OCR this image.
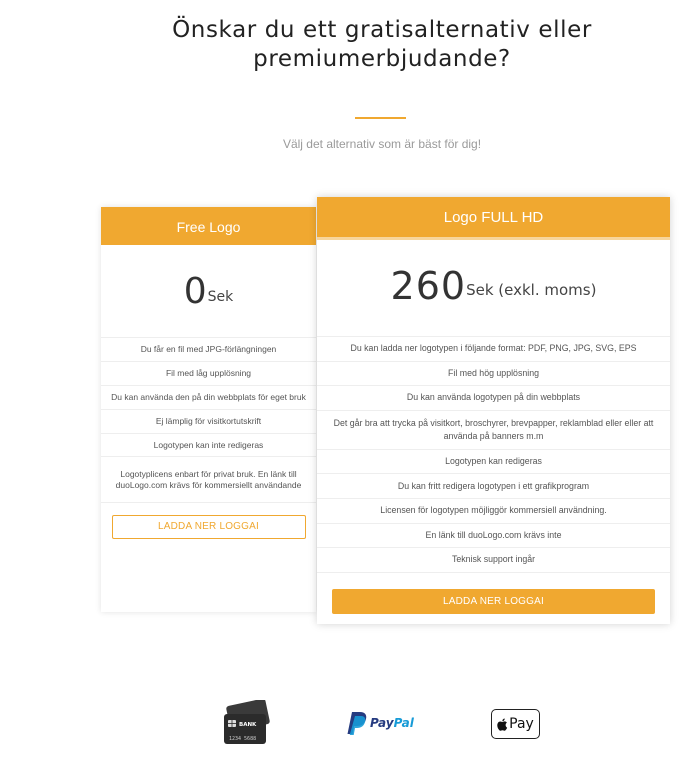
Önskar du ett gratisalternativ eller
premiumerbjudande?
Välj det alternativ som är bäst för dig!
Free Logo
0Sek
Du får en fil med JPG-förlängningen
Fil med låg upplösning
Du kan använda den på din webbplats för eget bruk
Ej lämplig för visitkortutskrift
Logotypen kan inte redigeras
Logotyplicens enbart för privat bruk. En länk till duoLogo.com krävs för kommersiellt användande
LADDA NER LOGGAI
Logo FULL HD
260Sek (exkl. moms)
Du kan ladda ner logotypen i följande format: PDF, PNG, JPG, SVG, EPS
Fil med hög upplösning
Du kan använda logotypen på din webbplats
Det går bra att trycka på visitkort, broschyrer, brevpapper, reklamblad eller eller att använda på banners m.m
Logotypen kan redigeras
Du kan fritt redigera logotypen i ett grafikprogram
Licensen för logotypen möjliggör kommersiell användning.
En länk till duoLogo.com krävs inte
Teknisk support ingår
LADDA NER LOGGAI
BANK
1234 5688
PayPal	Pay
